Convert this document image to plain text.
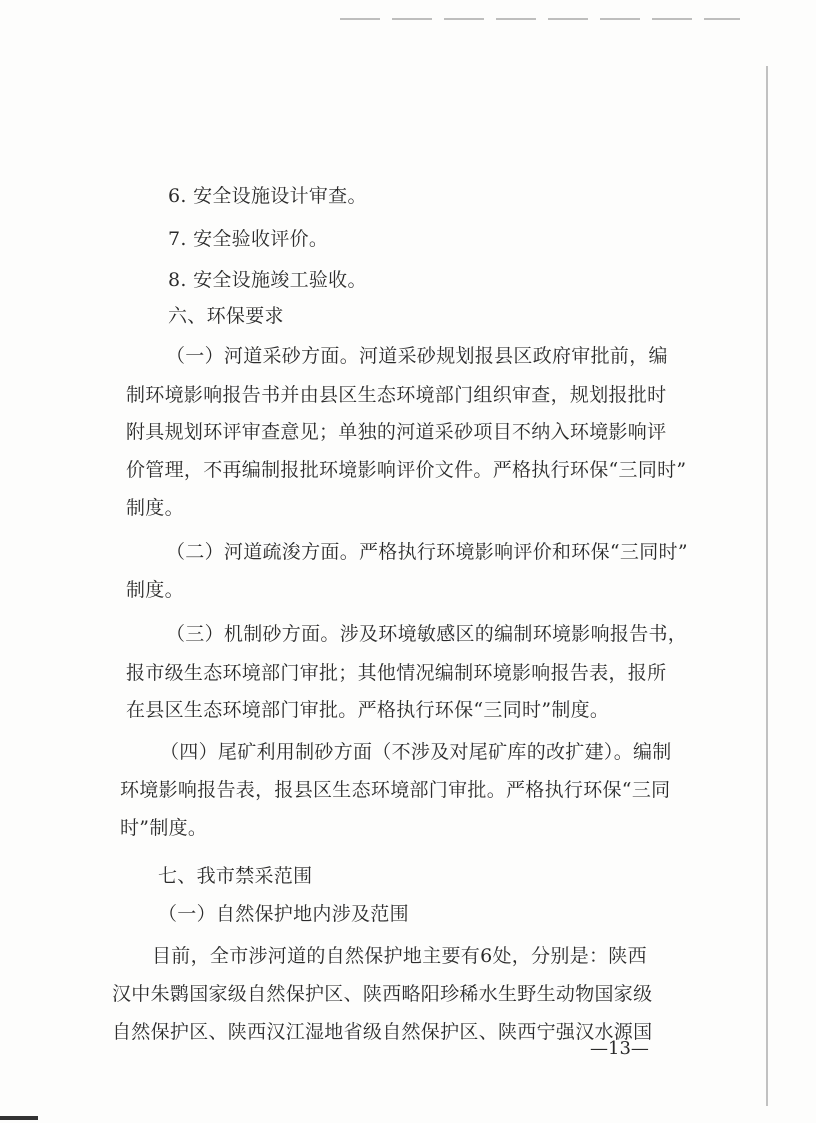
6. 安全设施设计审查。
7. 安全验收评价。
8. 安全设施竣工验收。
六、环保要求
（一）河道采砂方面。河道采砂规划报县区政府审批前，编
制环境影响报告书并由县区生态环境部门组织审查，规划报批时
附具规划环评审查意见；单独的河道采砂项目不纳入环境影响评
价管理，不再编制报批环境影响评价文件。严格执行环保“三同时”
制度。
（二）河道疏浚方面。严格执行环境影响评价和环保“三同时”
制度。
（三）机制砂方面。涉及环境敏感区的编制环境影响报告书，
报市级生态环境部门审批；其他情况编制环境影响报告表，报所
在县区生态环境部门审批。严格执行环保“三同时”制度。
（四）尾矿利用制砂方面（不涉及对尾矿库的改扩建）。编制
环境影响报告表，报县区生态环境部门审批。严格执行环保“三同
时”制度。
七、我市禁采范围
（一）自然保护地内涉及范围
目前，全市涉河道的自然保护地主要有6处，分别是：陕西
汉中朱鹮国家级自然保护区、陕西略阳珍稀水生野生动物国家级
自然保护区、陕西汉江湿地省级自然保护区、陕西宁强汉水源国
—13—
